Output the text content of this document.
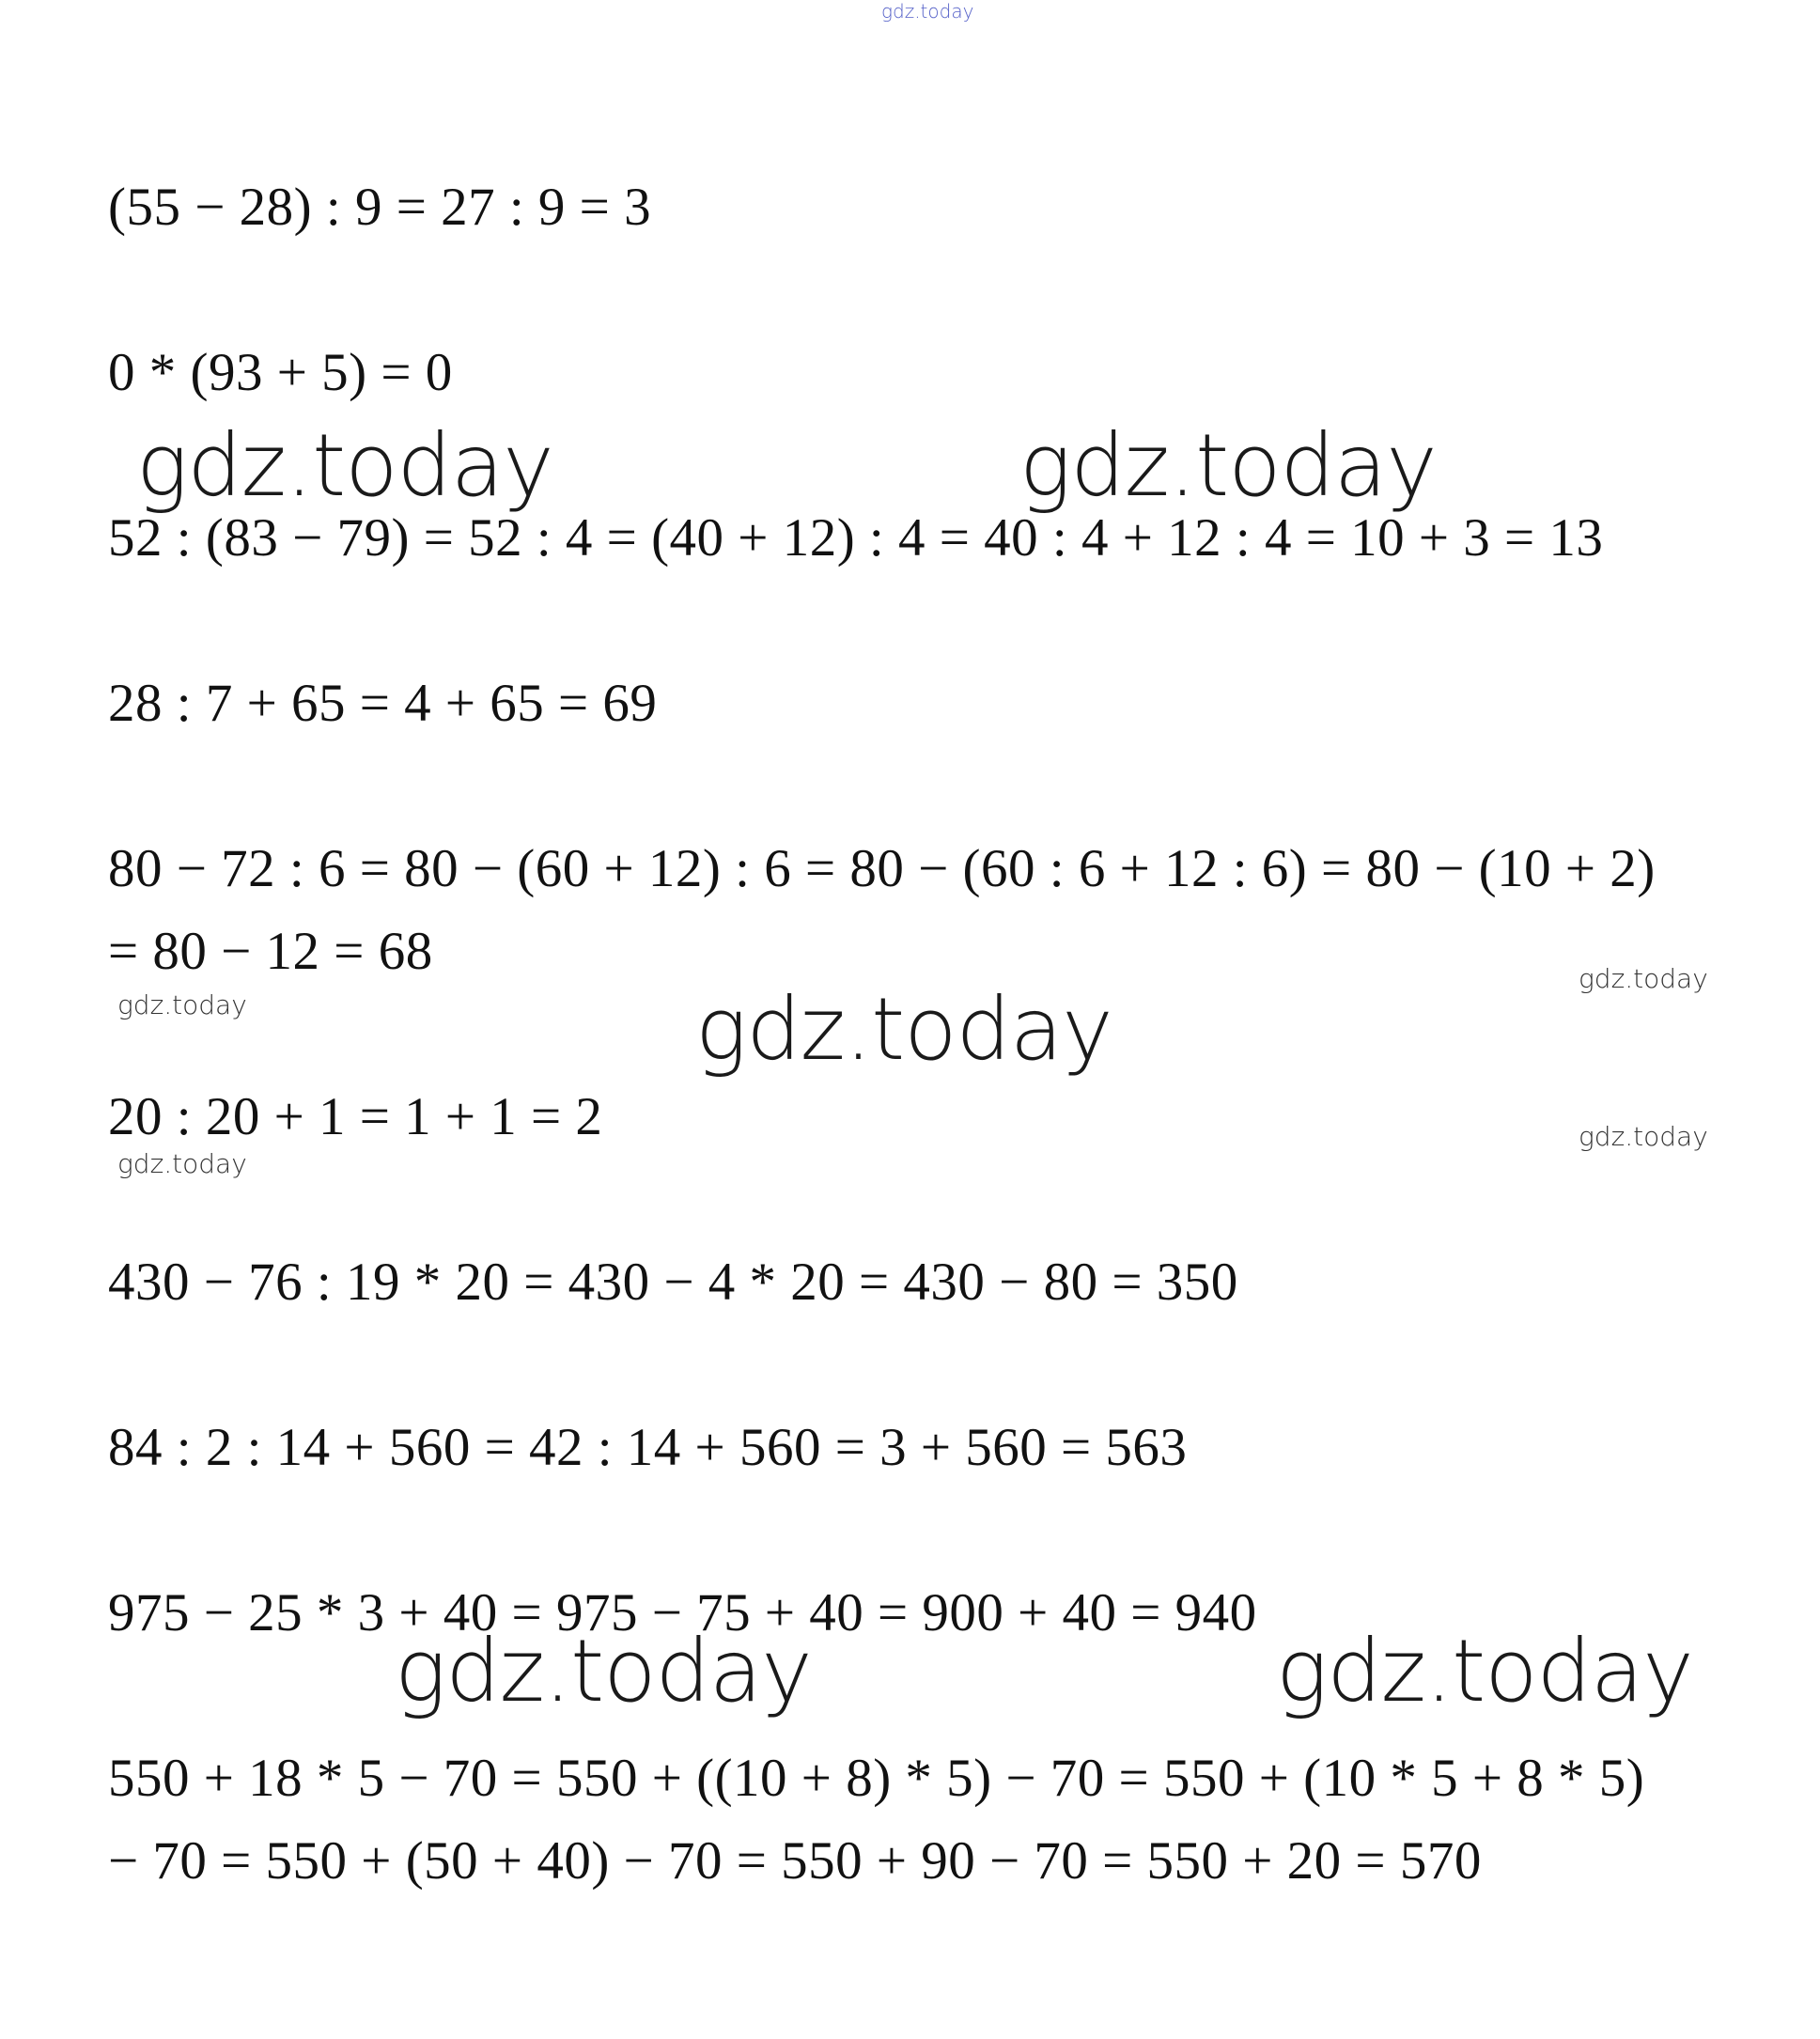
gdz.today
(55 − 28) : 9 = 27 : 9 = 3
0 * (93 + 5) = 0
gdz.today	gdz.today
52 : (83 − 79) = 52 : 4 = (40 + 12) : 4 = 40 : 4 + 12 : 4 = 10 + 3 = 13
28 : 7 + 65 = 4 + 65 = 69
80 − 72 : 6 = 80 − (60 + 12) : 6 = 80 − (60 : 6 + 12 : 6) = 80 − (10 + 2)
= 80 − 12 = 68	gdz.today
gdz.today	gdz.today
20 : 20 + 1 = 1 + 1 = 2	gdz.today
gdz.today
430 − 76 : 19 * 20 = 430 − 4 * 20 = 430 − 80 = 350
84 : 2 : 14 + 560 = 42 : 14 + 560 = 3 + 560 = 563
975 − 25 * 3 + 40 = 975 − 75 + 40 = 900 + 40 = 940
gdz.today	gdz.today
550 + 18 * 5 − 70 = 550 + ((10 + 8) * 5) − 70 = 550 + (10 * 5 + 8 * 5)
− 70 = 550 + (50 + 40) − 70 = 550 + 90 − 70 = 550 + 20 = 570
